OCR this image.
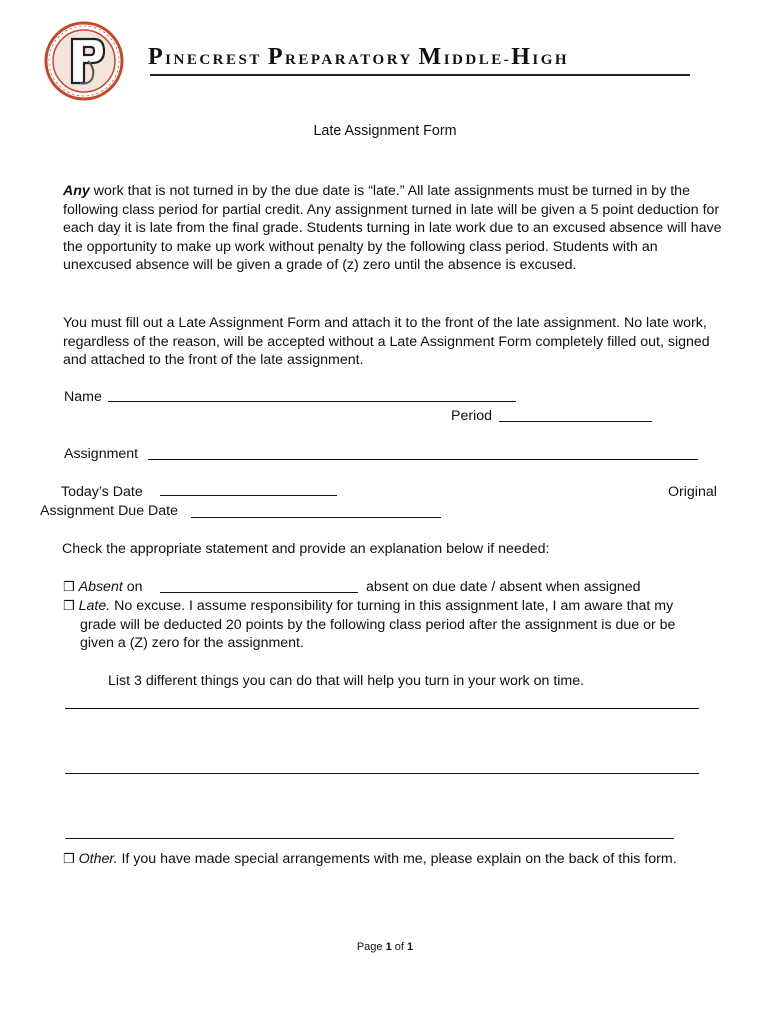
PINECREST PREPARATORY MIDDLE-HIGH
Late Assignment Form
Any work that is not turned in by the due date is “late.” All late assignments must be turned in by the following class period for partial credit. Any assignment turned in late will be given a 5 point deduction for each day it is late from the final grade. Students turning in late work due to an excused absence will have the opportunity to make up work without penalty by the following class period. Students with an unexcused absence will be given a grade of (z) zero until the absence is excused.
You must fill out a Late Assignment Form and attach it to the front of the late assignment. No late work, regardless of the reason, will be accepted without a Late Assignment Form completely filled out, signed and attached to the front of the late assignment.
Name
Period
Assignment
Today’s Date	Original
Assignment Due Date
Check the appropriate statement and provide an explanation below if needed:
❒ Absent on	absent on due date / absent when assigned
❒ Late. No excuse. I assume responsibility for turning in this assignment late, I am aware that my
grade will be deducted 20 points by the following class period after the assignment is due or be
given a (Z) zero for the assignment.
List 3 different things you can do that will help you turn in your work on time.
❒ Other. If you have made special arrangements with me, please explain on the back of this form.
Page 1 of 1
